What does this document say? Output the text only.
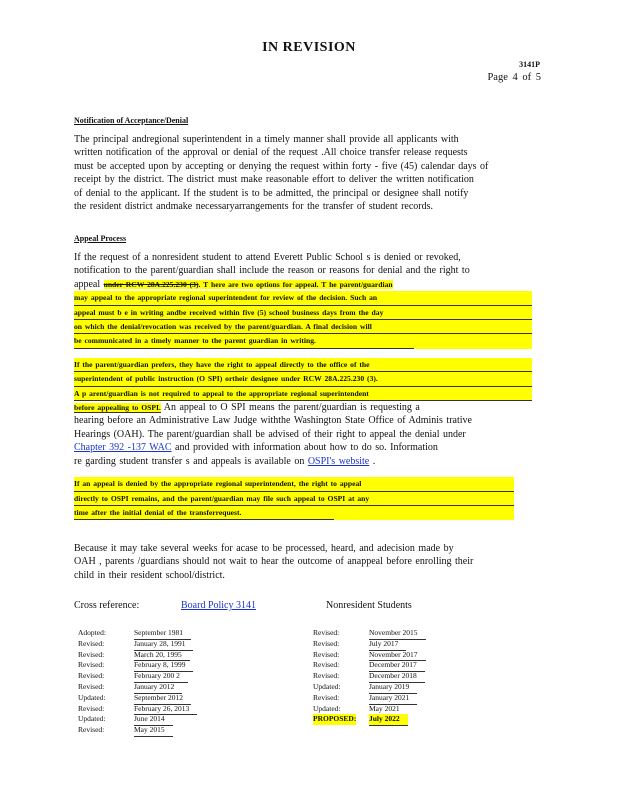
IN REVISION
3141P
Page 4 of 5
Notification of Acceptance/Denial
The principal andregional superintendent in a timely manner shall provide all applicants with
written notification of the approval or denial of the request .All choice transfer release requests
must be accepted upon by accepting or denying the request within forty - five (45) calendar days of
receipt by the district. The district must make reasonable effort to deliver the written notification
of denial to the applicant. If the student is to be admitted, the principal or designee shall notify
the resident district andmake necessaryarrangements for the transfer of student records.
Appeal Process
If the request of a nonresident student to attend Everett Public School s is denied or revoked,
notification to the parent/guardian shall include the reason or reasons for denial and the right to
appeal under RCW 28A.225.230 (3). T here are two options for appeal. T he parent/guardian
may appeal to the appropriate regional superintendent for review of the decision. Such an
appeal must b e in writing andbe received within five (5) school business days from the day
on which the denial/revocation was received by the parent/guardian. A final decision will
be communicated in a timely manner to the parent guardian in writing.
If the parent/guardian prefers, they have the right to appeal directly to the office of the
superintendent of public instruction (O SPI) ortheir designee under RCW 28A.225.230 (3).
A p arent/guardian is not required to appeal to the appropriate regional superintendent
before appealing to OSPI. An appeal to O SPI means the parent/guardian is requesting a
hearing before an Administrative Law Judge withthe Washington State Office of Adminis trative
Hearings (OAH). The parent/guardian shall be advised of their right to appeal the denial under
Chapter 392 -137 WAC and provided with information about how to do so. Information
re garding student transfer s and appeals is available on OSPI's website .
If an appeal is denied by the appropriate regional superintendent, the right to appeal
directly to OSPI remains, and the parent/guardian may file such appeal to OSPI at any
time after the initial denial of the transferrequest.
Because it may take several weeks for acase to be processed, heard, and adecision made by
OAH , parents /guardians should not wait to hear the outcome of anappeal before enrolling their
child in their resident school/district.
Cross reference:	Board Policy 3141	Nonresident Students
Adopted:	September 1981
Revised:	January 28, 1991
Revised:	March 20, 1995
Revised:	February 8, 1999
Revised:	February 200 2
Revised:	January 2012
Updated:	September 2012
Revised:	February 26, 2013
Updated:	June 2014
Revised:	May 2015
Revised:	November 2015
Revised:	July 2017
Revised:	November 2017
Revised:	December 2017
Revised:	December 2018
Updated:	January 2019
Revised:	January 2021
Updated:	May 2021
PROPOSED: July 2022
